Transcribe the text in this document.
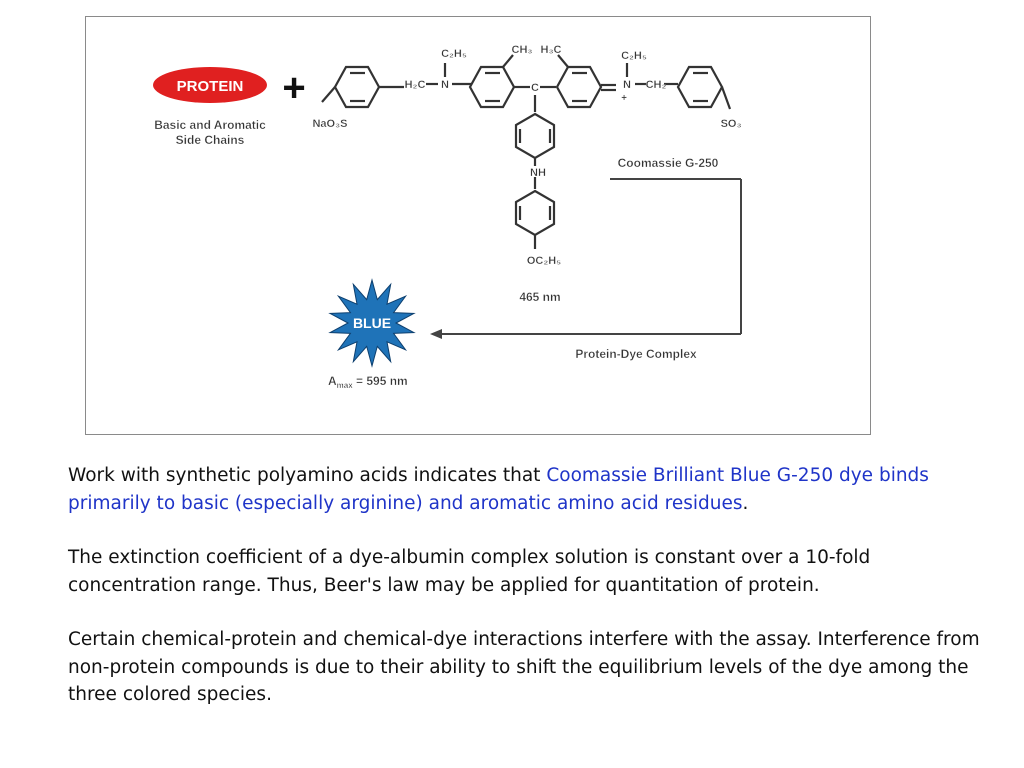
PROTEIN +
Basic and Aromatic
Side Chains
C₂H₅	CH₃ H₃C	C₂H₅
H₂C N	C	N
+
CH₂
NaO₃S	SO₃⁻
NH
OC₂H₅
Coomassie G-250
465 nm
Protein-Dye Complex
BLUE
$A_{max} = 595$ nm

Work with synthetic polyamino acids indicates that Coomassie Brilliant Blue G-250 dye binds primarily to basic (especially arginine) and aromatic amino acid residues.

The extinction coefficient of a dye-albumin complex solution is constant over a 10-fold concentration range. Thus, Beer's law may be applied for quantitation of protein.

Certain chemical-protein and chemical-dye interactions interfere with the assay. Interference from non-protein compounds is due to their ability to shift the equilibrium levels of the dye among the three colored species.
